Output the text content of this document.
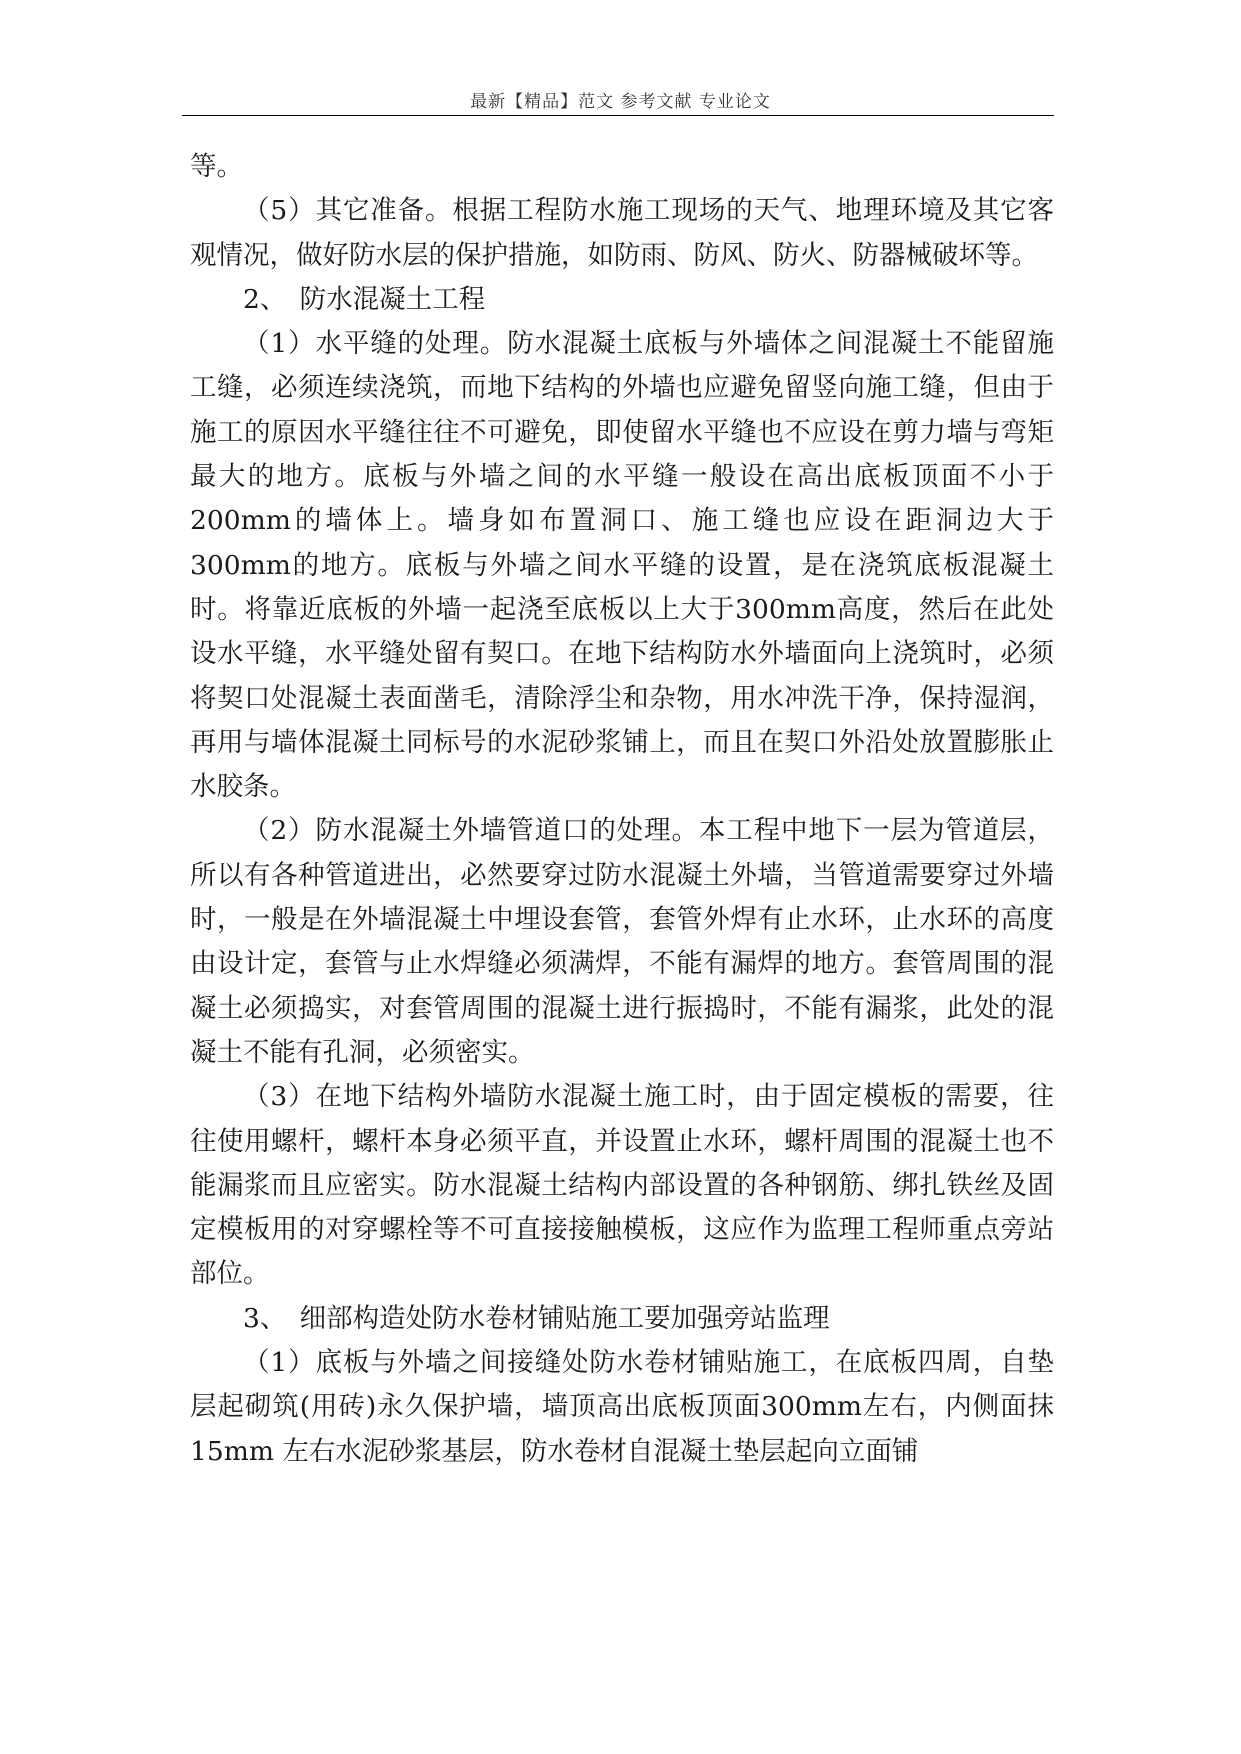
最新【精品】范文 参考文献 专业论文

等。

（5）其它准备。根据工程防水施工现场的天气、地理环境及其它客观情况，做好防水层的保护措施，如防雨、防风、防火、防器械破坏等。

2、　防水混凝土工程

（1）水平缝的处理。防水混凝土底板与外墙体之间混凝土不能留施工缝，必须连续浇筑，而地下结构的外墙也应避免留竖向施工缝，但由于施工的原因水平缝往往不可避免，即使留水平缝也不应设在剪力墙与弯矩最大的地方。底板与外墙之间的水平缝一般设在高出底板顶面不小于200mm的墙体上。墙身如布置洞口、施工缝也应设在距洞边大于300mm的地方。底板与外墙之间水平缝的设置，是在浇筑底板混凝土时。将靠近底板的外墙一起浇至底板以上大于300mm高度，然后在此处设水平缝，水平缝处留有契口。在地下结构防水外墙面向上浇筑时，必须将契口处混凝土表面凿毛，清除浮尘和杂物，用水冲洗干净，保持湿润，再用与墙体混凝土同标号的水泥砂浆铺上，而且在契口外沿处放置膨胀止水胶条。

（2）防水混凝土外墙管道口的处理。本工程中地下一层为管道层，所以有各种管道进出，必然要穿过防水混凝土外墙，当管道需要穿过外墙时，一般是在外墙混凝土中埋设套管，套管外焊有止水环，止水环的高度由设计定，套管与止水焊缝必须满焊，不能有漏焊的地方。套管周围的混凝土必须捣实，对套管周围的混凝土进行振捣时，不能有漏浆，此处的混凝土不能有孔洞，必须密实。

（3）在地下结构外墙防水混凝土施工时，由于固定模板的需要，往往使用螺杆，螺杆本身必须平直，并设置止水环，螺杆周围的混凝土也不能漏浆而且应密实。防水混凝土结构内部设置的各种钢筋、绑扎铁丝及固定模板用的对穿螺栓等不可直接接触模板，这应作为监理工程师重点旁站部位。

3、　细部构造处防水卷材铺贴施工要加强旁站监理

（1）底板与外墙之间接缝处防水卷材铺贴施工，在底板四周，自垫层起砌筑(用砖)永久保护墙，墙顶高出底板顶面300mm左右，内侧面抹15mm 左右水泥砂浆基层，防水卷材自混凝土垫层起向立面铺
